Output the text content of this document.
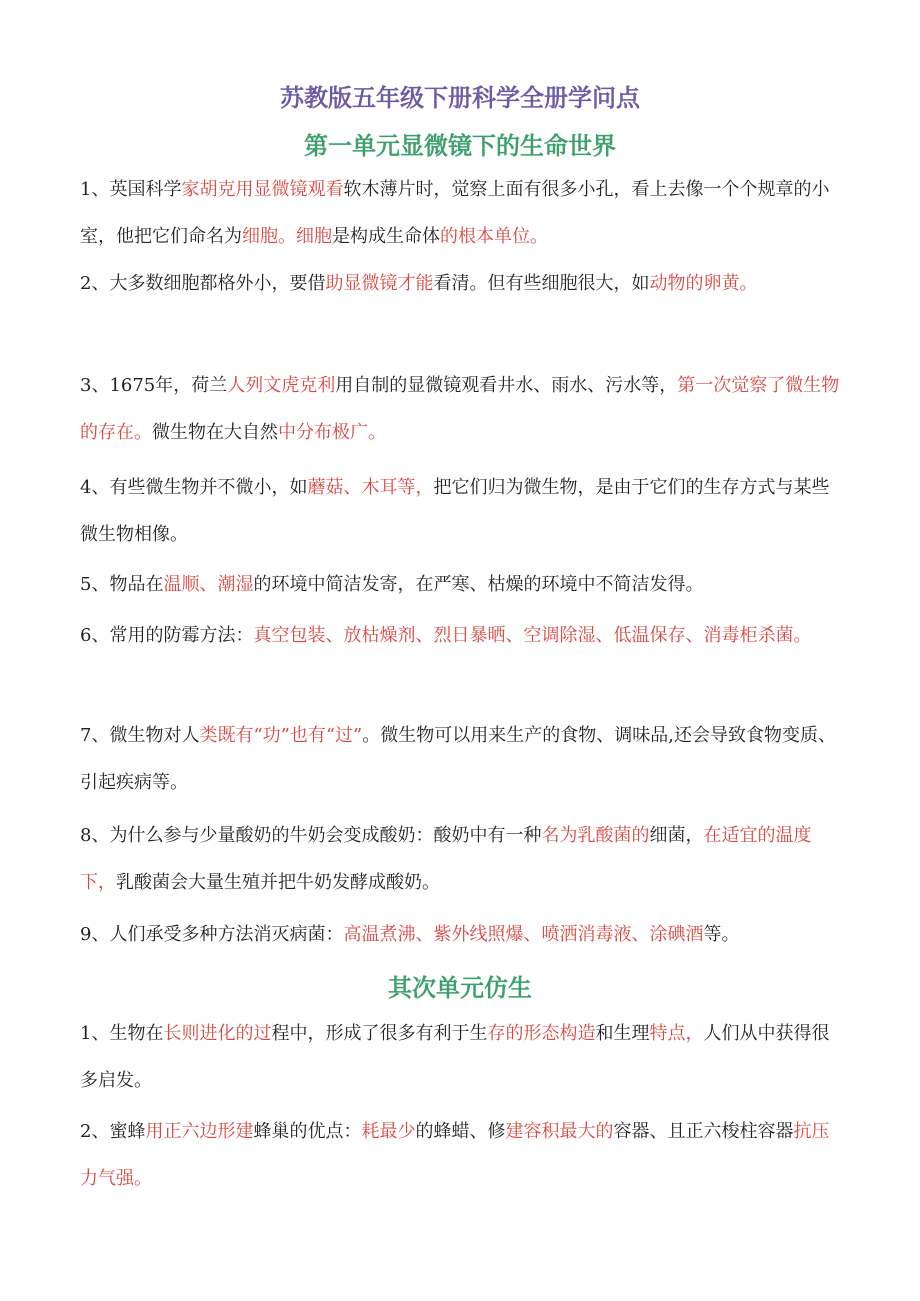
苏教版五年级下册科学全册学问点
第一单元显微镜下的生命世界

1、英国科学家胡克用显微镜观看软木薄片时，觉察上面有很多小孔，看上去像一个个规章的小室，他把它们命名为细胞。细胞是构成生命体的根本单位。

2、大多数细胞都格外小，要借助显微镜才能看清。但有些细胞很大，如动物的卵黄。

3、1675年，荷兰人列文虎克利用自制的显微镜观看井水、雨水、污水等，第一次觉察了微生物的存在。微生物在大自然中分布极广。

4、有些微生物并不微小，如蘑菇、木耳等，把它们归为微生物，是由于它们的生存方式与某些微生物相像。

5、物品在温顺、潮湿的环境中简洁发寄，在严寒、枯燥的环境中不简洁发得。

6、常用的防霉方法：真空包装、放枯燥剂、烈日暴晒、空调除湿、低温保存、消毒柜杀菌。

7、微生物对人类既有“功”也有“过”。微生物可以用来生产的食物、调味品,还会导致食物变质、引起疾病等。

8、为什么参与少量酸奶的牛奶会变成酸奶：酸奶中有一种名为乳酸菌的细菌，在适宜的温度下，乳酸菌会大量生殖并把牛奶发酵成酸奶。

9、人们承受多种方法消灭病菌：高温煮沸、紫外线照爆、喷洒消毒液、涂碘酒等。

其次单元仿生

1、生物在长则进化的过程中，形成了很多有利于生存的形态构造和生理特点，人们从中获得很多启发。

2、蜜蜂用正六边形建蜂巢的优点：耗最少的蜂蜡、修建容积最大的容器、且正六梭柱容器抗压力气强。
